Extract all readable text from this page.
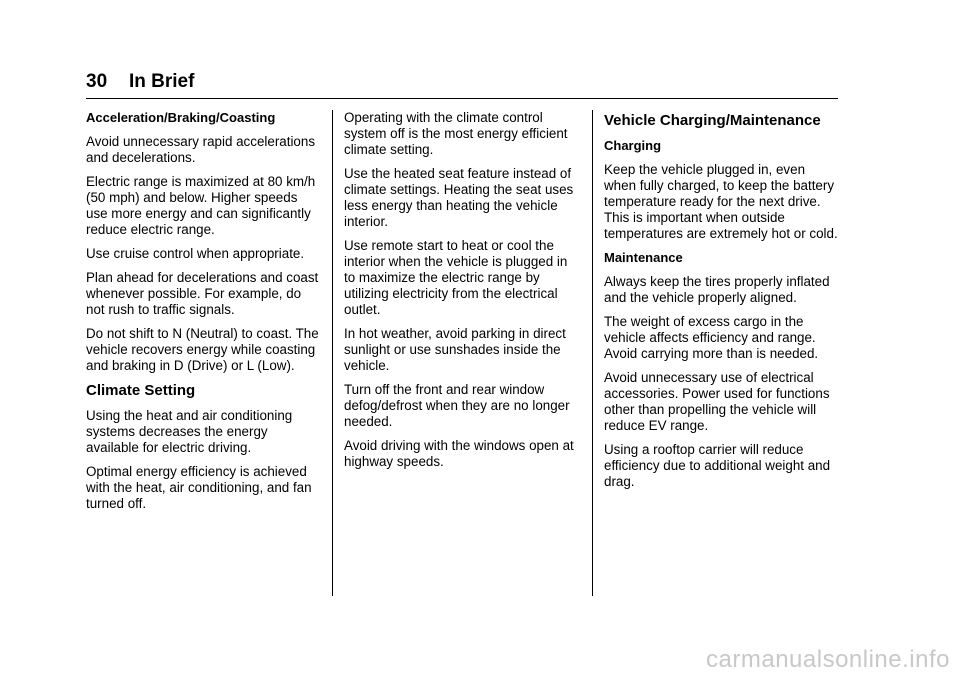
30 In Brief
Acceleration/Braking/Coasting

Avoid unnecessary rapid accelerations and decelerations.

Electric range is maximized at 80 km/h (50 mph) and below. Higher speeds use more energy and can significantly reduce electric range.

Use cruise control when appropriate.

Plan ahead for decelerations and coast whenever possible. For example, do not rush to traffic signals.

Do not shift to N (Neutral) to coast. The vehicle recovers energy while coasting and braking in D (Drive) or L (Low).

Climate Setting

Using the heat and air conditioning systems decreases the energy available for electric driving.

Optimal energy efficiency is achieved with the heat, air conditioning, and fan turned off.

Operating with the climate control system off is the most energy efficient climate setting.

Use the heated seat feature instead of climate settings. Heating the seat uses less energy than heating the vehicle interior.

Use remote start to heat or cool the interior when the vehicle is plugged in to maximize the electric range by utilizing electricity from the electrical outlet.

In hot weather, avoid parking in direct sunlight or use sunshades inside the vehicle.

Turn off the front and rear window defog/defrost when they are no longer needed.

Avoid driving with the windows open at highway speeds.

Vehicle Charging/Maintenance
Charging

Keep the vehicle plugged in, even when fully charged, to keep the battery temperature ready for the next drive. This is important when outside temperatures are extremely hot or cold.

Maintenance

Always keep the tires properly inflated and the vehicle properly aligned.

The weight of excess cargo in the vehicle affects efficiency and range. Avoid carrying more than is needed.

Avoid unnecessary use of electrical accessories. Power used for functions other than propelling the vehicle will reduce EV range.

Using a rooftop carrier will reduce efficiency due to additional weight and drag.

carmanualsonline.info
